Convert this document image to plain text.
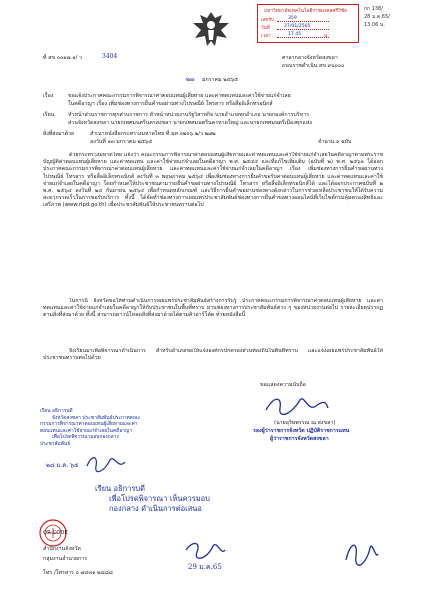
มหาวิทยาลัยเทคโนโลยีราชมงคลศรีวิชัย
เลขรับ	359
วันที่	27/01/2565
เวลา	17.45	น.
กก 138/
28 ม.ค.65/
13.06 น.
ที่ สข ๐๐๑๗.๑/ ว	3404	ศาลากลางจังหวัดสงขลา
ถนนราชดำเนิน สข ๙๐๐๐๐
๒๗ มกราคม ๒๕๖๕
เรื่อง	ขอแจ้งประกาศคณะกรรมการพิจารณาค่าตอบแทนผู้เสียหาย และค่าทดแทนและค่าใช้จ่ายแก่จำเลย
ในคดีอาญา เรื่อง เพิ่มช่องทางการยื่นคำขอผ่านทางไปรษณีย์ โทรสาร หรือสื่ออิเล็กทรอนิกส์
เรียน	หัวหน้าส่วนราชการทุกส่วนราชการ หัวหน้าหน่วยงานรัฐวิสาหกิจ นายอำเภอทุกอำเภอ นายกองค์การบริหาร
ส่วนจังหวัดสงขลา นายกเทศมนตรีนครสงขลา นายกเทศมนตรีนครหาดใหญ่ และนายกเทศมนตรีเมืองทุกแห่ง
สิ่งที่ส่งมาด้วย	สำเนาหนังสือกระทรวงมหาดไทย ที่ มท ๐๒๐๖.๒/ว ๒๗๒
ลงวันที่ ๑๓ มกราคม ๒๕๖๕	จำนวน ๑ ฉบับ
ด้วยกระทรวงมหาดไทย แจ้งว่า คณะกรรมการพิจารณาค่าตอบแทนผู้เสียหายและค่าทดแทนและค่าใช้จ่ายแก่จำเลยในคดีอาญาตามพระราชบัญญัติค่าตอบแทนผู้เสียหาย และค่าทดแทน และค่าใช้จ่ายแก่จำเลยในคดีอาญา พ.ศ. ๒๕๔๔ และที่แก้ไขเพิ่มเติม (ฉบับที่ ๒) พ.ศ. ๒๕๖๑ ได้ออกประกาศคณะกรรมการพิจารณาค่าตอบแทนผู้เสียหาย และค่าทดแทนและค่าใช้จ่ายแก่จำเลยในคดีอาญา เรื่อง เพิ่มช่องทางการยื่นคำขอผ่านทางไปรษณีย์ โทรสาร หรือสื่ออิเล็กทรอนิกส์ ลงวันที่ ๓ พฤษภาคม ๒๕๖๔ เพื่อเพิ่มช่องทางการยื่นคำขอรับค่าตอบแทนผู้เสียหาย และค่าทดแทนและค่าใช้จ่ายแก่จำเลยในคดีอาญา โดยกำหนดให้ประชาชนสามารถยื่นคำขอผ่านทางไปรษณีย์ โทรสาร หรือสื่ออิเล็กทรอนิกส์ได้ และได้ออกประกาศฉบับที่ ๒ พ.ศ. ๒๕๖๔ ลงวันที่ ๒๔ กันยายน ๒๕๖๔ เพื่อกำหนดหลักเกณฑ์ และวิธีการยื่นคำขอผ่านช่องทางดังกล่าวในการช่วยเหลือประชาชนให้ได้รับความสะดวกรวดเร็วในการขอรับบริการ ทั้งนี้ ได้จัดทำช่องทางการเผยแพร่ประชาสัมพันธ์ช่องทางการยื่นคำขอทางออนไลน์ที่เว็บไซต์กรมคุ้มครองสิทธิและเสรีภาพ (www.rlpd.go.th) เพื่อประชาสัมพันธ์ให้ประชาชนทราบต่อไป
ในการนี้ จังหวัดขอให้ท่านดำเนินการเผยแพร่ประชาสัมพันธ์สร้างการรับรู้ ประกาศคณะกรรมการพิจารณาค่าตอบแทนผู้เสียหาย และค่าทดแทนและค่าใช้จ่ายแก่จำเลยในคดีอาญาให้กับประชาชนในพื้นที่ทราบ ผ่านช่องทางการประชาสัมพันธ์ต่าง ๆ ของหน่วยงานต่อไป รายละเอียดปรากฏตามสิ่งที่ส่งมาด้วย ทั้งนี้ สามารถดาวน์โหลดสิ่งที่ส่งมาด้วยได้ตามคิวอาร์โค้ด ท้ายหนังสือนี้
จึงเรียนมาเพื่อพิจารณาดำเนินการ สำหรับอำเภอขอให้แจ้งองค์กรปกครองส่วนท้องถิ่นในพื้นที่ทราบ และแจ้งเผยแพร่ประชาสัมพันธ์ให้ประชาชนทราบต่อไปด้วย
ขอแสดงความนับถือ
เรียน อธิการบดี
จังหวัดสงขลา ประชาสัมพันธ์ประกาศคณะ
กรรมการพิจารณาค่าตอบแทนผู้เสียหายและค่า
ตอบแทนและค่าใช้จ่ายแก่จำเลยในคดีอาญา
เพื่อโปรดพิจารณามอบกองกลาง
ประชาสัมพันธ์
๒๘ ม.ค. ๖๕
(นายอุริษพรรณ ณ สงขลา)
รองผู้ว่าราชการจังหวัด ปฏิบัติราชการแทน
ผู้ว่าราชการจังหวัดสงขลา
เรียน อธิการบดี
เพื่อโปรดพิจารณา เห็นควรมอบ
กองกลาง ดำเนินการต่อเสนอ
QR CODE
สำนักงานจังหวัด
กลุ่มงานอำนวยการ
โทร./โทรสาร ๐ ๗๔๓๑ ๒๘๘๘
29 ม.ค.65
